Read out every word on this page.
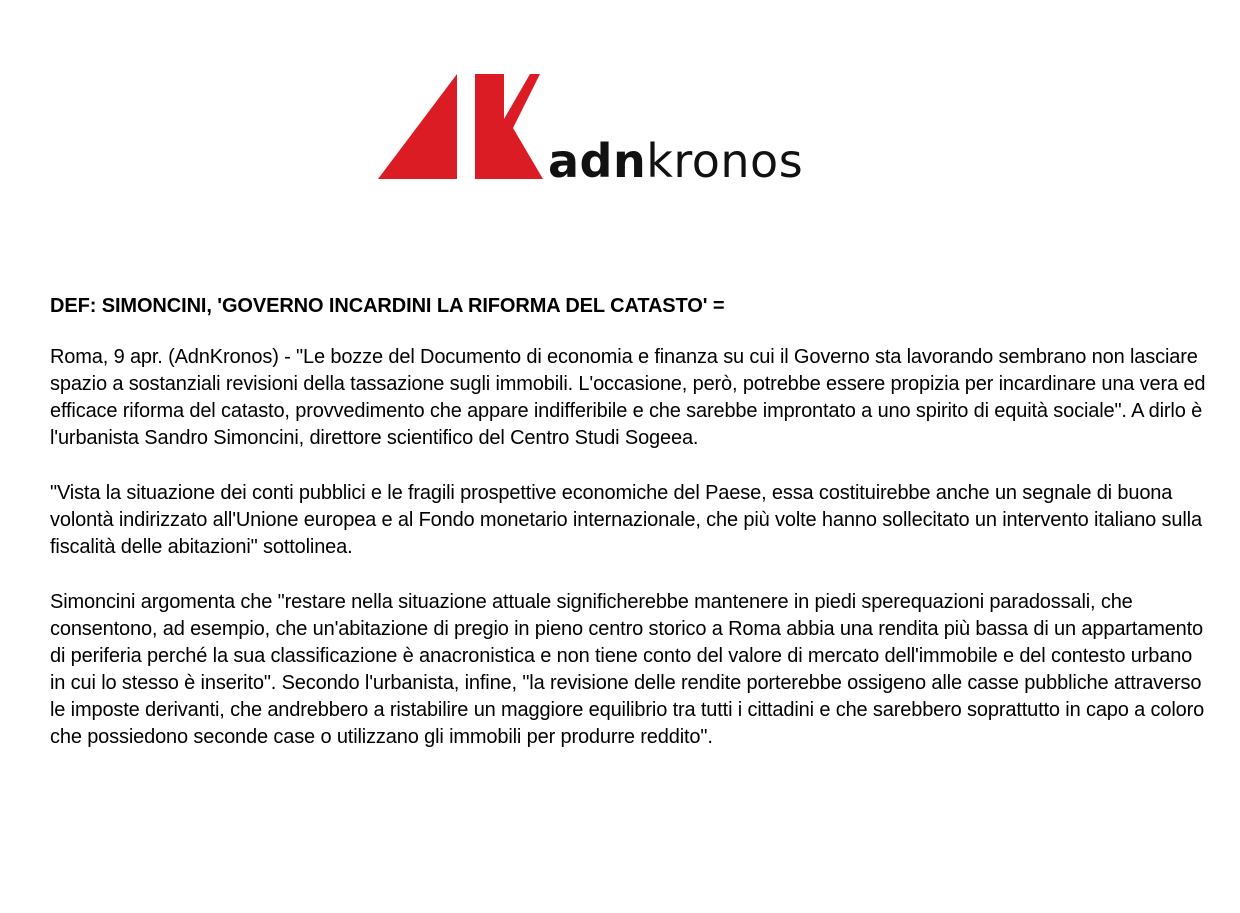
adnkronos
DEF: SIMONCINI, 'GOVERNO INCARDINI LA RIFORMA DEL CATASTO' =

Roma, 9 apr. (AdnKronos) - "Le bozze del Documento di economia e finanza su cui il Governo sta lavorando sembrano non lasciare spazio a sostanziali revisioni della tassazione sugli immobili. L'occasione, però, potrebbe essere propizia per incardinare una vera ed efficace riforma del catasto, provvedimento che appare indifferibile e che sarebbe improntato a uno spirito di equità sociale". A dirlo è l'urbanista Sandro Simoncini, direttore scientifico del Centro Studi Sogeea.

"Vista la situazione dei conti pubblici e le fragili prospettive economiche del Paese, essa costituirebbe anche un segnale di buona volontà indirizzato all'Unione europea e al Fondo monetario internazionale, che più volte hanno sollecitato un intervento italiano sulla fiscalità delle abitazioni" sottolinea.

Simoncini argomenta che "restare nella situazione attuale significherebbe mantenere in piedi sperequazioni paradossali, che consentono, ad esempio, che un'abitazione di pregio in pieno centro storico a Roma abbia una rendita più bassa di un appartamento di periferia perché la sua classificazione è anacronistica e non tiene conto del valore di mercato dell'immobile e del contesto urbano in cui lo stesso è inserito". Secondo l'urbanista, infine, "la revisione delle rendite porterebbe ossigeno alle casse pubbliche attraverso le imposte derivanti, che andrebbero a ristabilire un maggiore equilibrio tra tutti i cittadini e che sarebbero soprattutto in capo a coloro che possiedono seconde case o utilizzano gli immobili per produrre reddito".
